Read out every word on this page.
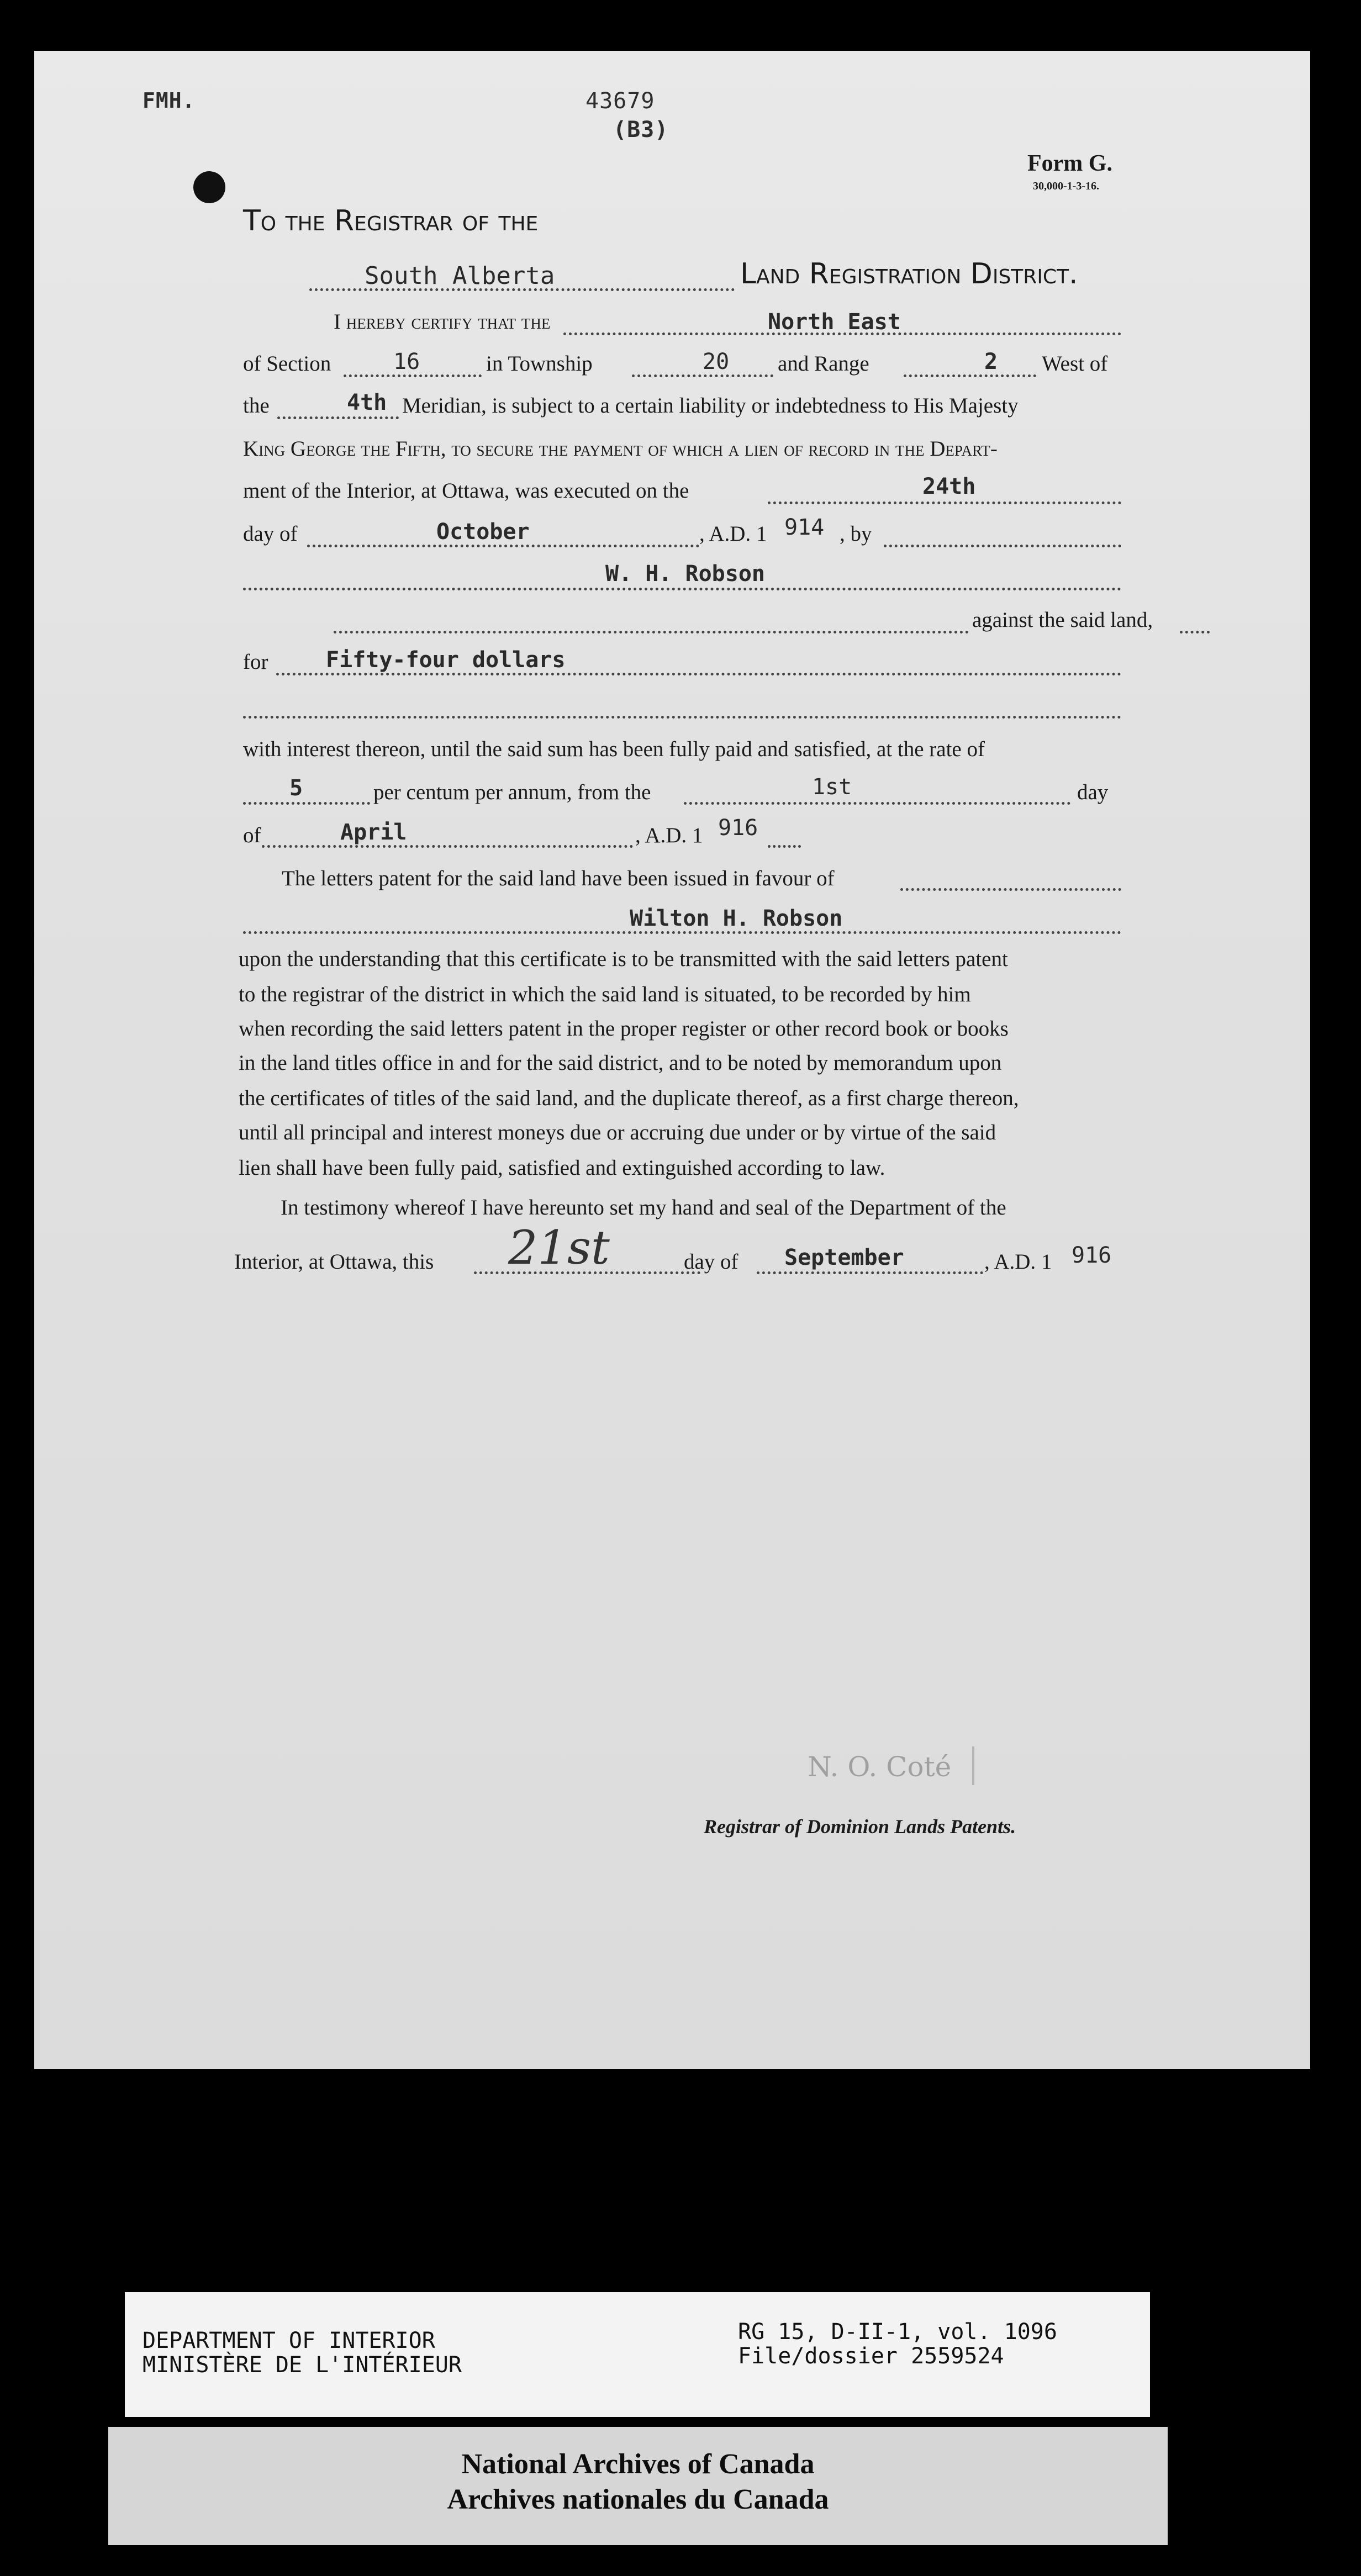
FMH.	43679
(B3)
Form G.
30,000-1-3-16.
To the Registrar of the
South Alberta	Land Registration District.
I hereby certify that the	North East
of Section	16	in Township	20 and Range	2 West of
the	4th Meridian, is subject to a certain liability or indebtedness to His Majesty
King George the Fifth, to secure the payment of which a lien of record in the Depart-
ment of the Interior, at Ottawa, was executed on the	24th
day of	October	, A.D. 1 914 , by
W. H. Robson
against the said land,
for	Fifty-four dollars
with interest thereon, until the said sum has been fully paid and satisfied, at the rate of
5	per centum per annum, from the	1st	day
of	April	, A.D. 1 916
The letters patent for the said land have been issued in favour of
Wilton H. Robson
upon the understanding that this certificate is to be transmitted with the said letters patent
to the registrar of the district in which the said land is situated, to be recorded by him
when recording the said letters patent in the proper register or other record book or books
in the land titles office in and for the said district, and to be noted by memorandum upon
the certificates of titles of the said land, and the duplicate thereof, as a first charge thereon,
until all principal and interest moneys due or accruing due under or by virtue of the said
lien shall have been fully paid, satisfied and extinguished according to law.
In testimony whereof I have hereunto set my hand and seal of the Department of the
Interior, at Ottawa, this 21st	day of September	, A.D. 1 916
N. O. Coté
Registrar of Dominion Lands Patents.
DEPARTMENT OF INTERIOR
MINISTÈRE DE L'INTÉRIEUR
RG 15, D-II-1, vol. 1096
File/dossier 2559524
National Archives of Canada
Archives nationales du Canada
